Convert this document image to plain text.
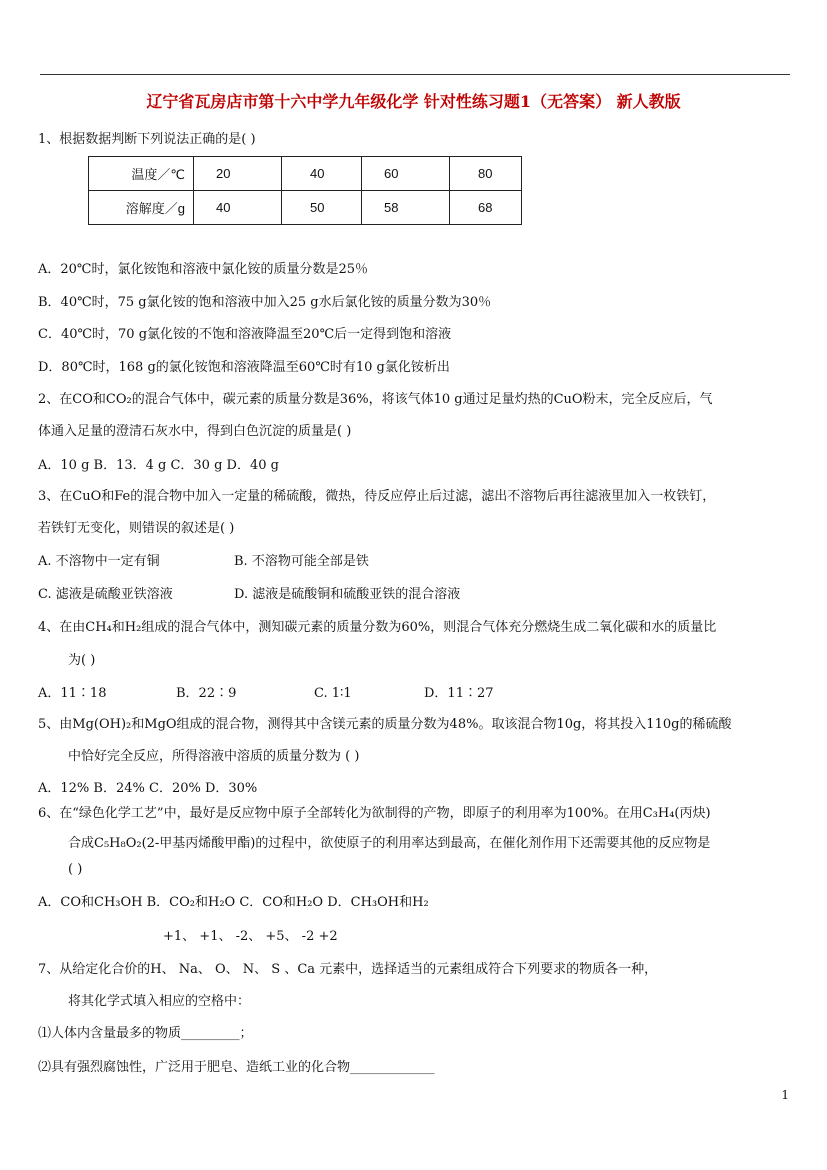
辽宁省瓦房店市第十六中学九年级化学 针对性练习题1（无答案） 新人教版
1、根据数据判断下列说法正确的是( )
温度／℃	20	40	60	80
溶解度／g	40	50	58	68
A．20℃时，氯化铵饱和溶液中氯化铵的质量分数是25％
B．40℃时，75 g氯化铵的饱和溶液中加入25 g水后氯化铵的质量分数为30％
C．40℃时，70 g氯化铵的不饱和溶液降温至20℃后一定得到饱和溶液
D．80℃时，168 g的氯化铵饱和溶液降温至60℃时有10 g氯化铵析出
2、在CO和CO₂的混合气体中，碳元素的质量分数是36%，将该气体10 g通过足量灼热的CuO粉末，完全反应后，气
体通入足量的澄清石灰水中，得到白色沉淀的质量是( )
A．10 g B．13．4 g C．30 g D．40 g
3、在CuO和Fe的混合物中加入一定量的稀硫酸，微热，待反应停止后过滤，滤出不溶物后再往滤液里加入一枚铁钉，
若铁钉无变化，则错误的叙述是( )
A. 不溶物中一定有铜	B. 不溶物可能全部是铁
C. 滤液是硫酸亚铁溶液	D. 滤液是硫酸铜和硫酸亚铁的混合溶液
4、在由CH₄和H₂组成的混合气体中，测知碳元素的质量分数为60%，则混合气体充分燃烧生成二氧化碳和水的质量比
为( )
A．11∶18	B．22∶9	C. 1∶1	D．11∶27
5、由Mg(OH)₂和MgO组成的混合物，测得其中含镁元素的质量分数为48%。取该混合物10g，将其投入110g的稀硫酸
中恰好完全反应，所得溶液中溶质的质量分数为 ( )
A．12% B．24% C．20% D．30%
6、在“绿色化学工艺”中，最好是反应物中原子全部转化为欲制得的产物，即原子的利用率为100%。在用C₃H₄(丙炔)
合成C₅H₈O₂(2-甲基丙烯酸甲酯)的过程中，欲使原子的利用率达到最高，在催化剂作用下还需要其他的反应物是
( )
A．CO和CH₃OH B．CO₂和H₂O C．CO和H₂O D．CH₃OH和H₂
+1、 +1、 -2、 +5、 -2 +2
7、从给定化合价的H、 Na、 O、 N、 S 、Ca 元素中，选择适当的元素组成符合下列要求的物质各一种，
将其化学式填入相应的空格中：
⑴人体内含量最多的物质_________；
⑵具有强烈腐蚀性，广泛用于肥皂、造纸工业的化合物_____________
1
